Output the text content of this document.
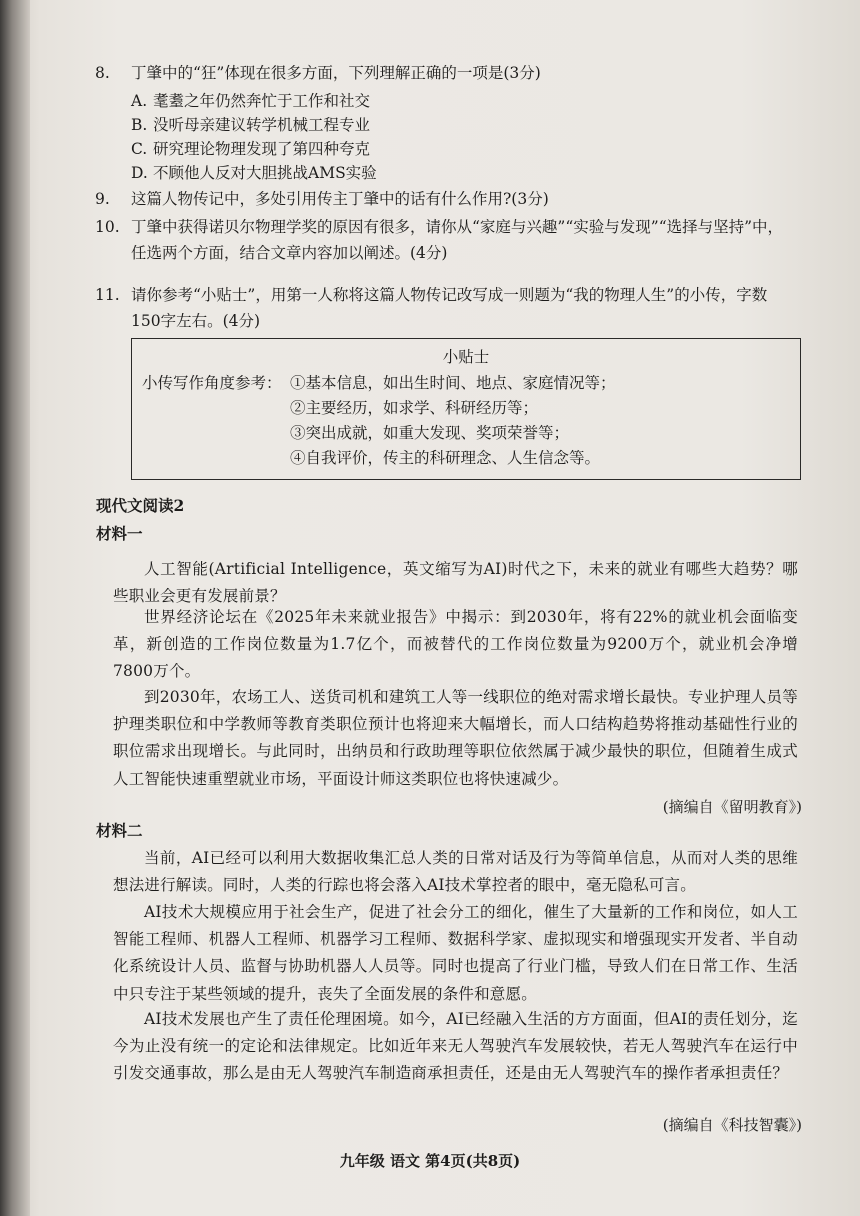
8.	丁肇中的“狂”体现在很多方面，下列理解正确的一项是(3分)
A. 耄耋之年仍然奔忙于工作和社交
B. 没听母亲建议转学机械工程专业
C. 研究理论物理发现了第四种夸克
D. 不顾他人反对大胆挑战AMS实验
9.	这篇人物传记中，多处引用传主丁肇中的话有什么作用?(3分)
10. 丁肇中获得诺贝尔物理学奖的原因有很多，请你从“家庭与兴趣”“实验与发现”“选择与坚持”中，任选两个方面，结合文章内容加以阐述。(4分)
11. 请你参考“小贴士”，用第一人称将这篇人物传记改写成一则题为“我的物理人生”的小传，字数150字左右。(4分)
小贴士
小传写作角度参考： ①基本信息，如出生时间、地点、家庭情况等；
②主要经历，如求学、科研经历等；
③突出成就，如重大发现、奖项荣誉等；
④自我评价，传主的科研理念、人生信念等。
现代文阅读2
材料一
人工智能(Artificial Intelligence，英文缩写为AI)时代之下，未来的就业有哪些大趋势？哪些职业会更有发展前景？
世界经济论坛在《2025年未来就业报告》中揭示：到2030年，将有22%的就业机会面临变革，新创造的工作岗位数量为1.7亿个，而被替代的工作岗位数量为9200万个，就业机会净增7800万个。
到2030年，农场工人、送货司机和建筑工人等一线职位的绝对需求增长最快。专业护理人员等护理类职位和中学教师等教育类职位预计也将迎来大幅增长，而人口结构趋势将推动基础性行业的职位需求出现增长。与此同时，出纳员和行政助理等职位依然属于减少最快的职位，但随着生成式人工智能快速重塑就业市场，平面设计师这类职位也将快速减少。
(摘编自《留明教育》)
材料二
当前，AI已经可以利用大数据收集汇总人类的日常对话及行为等简单信息，从而对人类的思维想法进行解读。同时，人类的行踪也将会落入AI技术掌控者的眼中，毫无隐私可言。
AI技术大规模应用于社会生产，促进了社会分工的细化，催生了大量新的工作和岗位，如人工智能工程师、机器人工程师、机器学习工程师、数据科学家、虚拟现实和增强现实开发者、半自动化系统设计人员、监督与协助机器人人员等。同时也提高了行业门槛，导致人们在日常工作、生活中只专注于某些领域的提升，丧失了全面发展的条件和意愿。
AI技术发展也产生了责任伦理困境。如今，AI已经融入生活的方方面面，但AI的责任划分，迄今为止没有统一的定论和法律规定。比如近年来无人驾驶汽车发展较快，若无人驾驶汽车在运行中引发交通事故，那么是由无人驾驶汽车制造商承担责任，还是由无人驾驶汽车的操作者承担责任？
(摘编自《科技智囊》)
九年级 语文 第4页(共8页)
